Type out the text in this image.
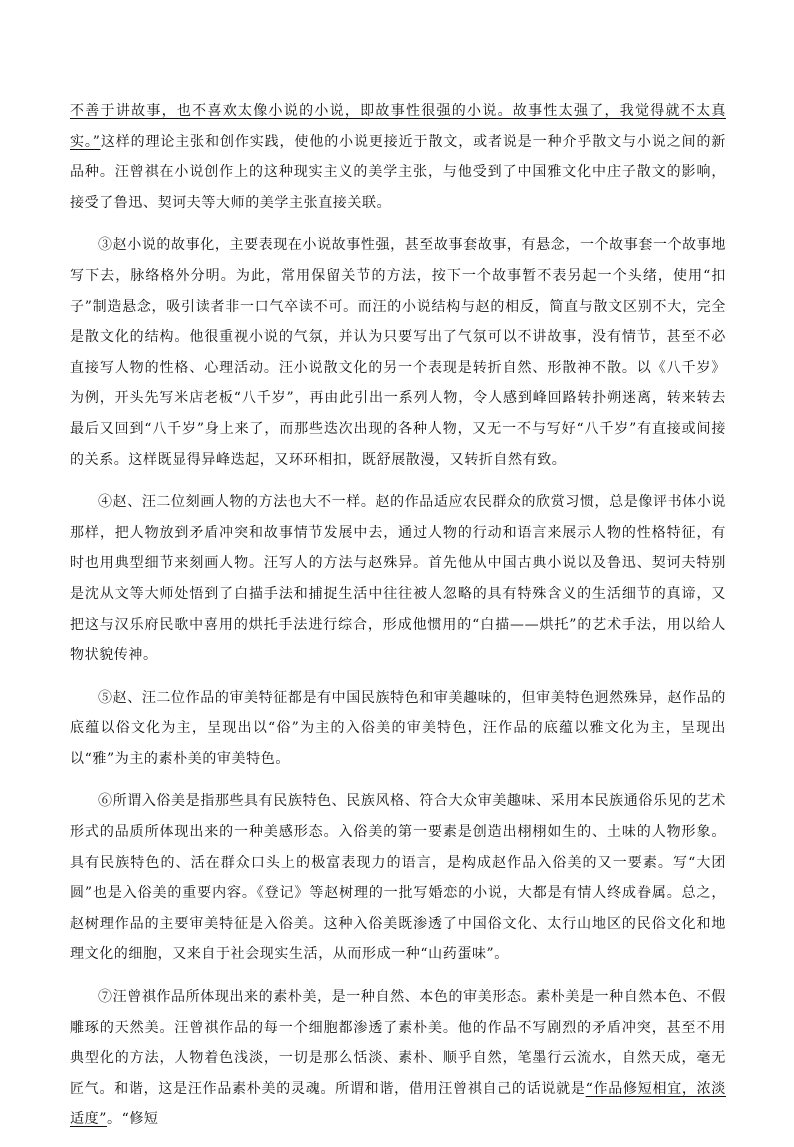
不善于讲故事，也不喜欢太像小说的小说，即故事性很强的小说。故事性太强了，我觉得就不太真实。”这样的理论主张和创作实践，使他的小说更接近于散文，或者说是一种介乎散文与小说之间的新品种。汪曾祺在小说创作上的这种现实主义的美学主张，与他受到了中国雅文化中庄子散文的影响，接受了鲁迅、契诃夫等大师的美学主张直接关联。

③赵小说的故事化，主要表现在小说故事性强，甚至故事套故事，有悬念，一个故事套一个故事地写下去，脉络格外分明。为此，常用保留关节的方法，按下一个故事暂不表另起一个头绪，使用“扣子”制造悬念，吸引读者非一口气卒读不可。而汪的小说结构与赵的相反，简直与散文区别不大，完全是散文化的结构。他很重视小说的气氛，并认为只要写出了气氛可以不讲故事，没有情节，甚至不必直接写人物的性格、心理活动。汪小说散文化的另一个表现是转折自然、形散神不散。以《八千岁》为例，开头先写米店老板“八千岁”，再由此引出一系列人物，令人感到峰回路转扑朔迷离，转来转去最后又回到“八千岁”身上来了，而那些迭次出现的各种人物，又无一不与写好“八千岁”有直接或间接的关系。这样既显得异峰迭起，又环环相扣，既舒展散漫，又转折自然有致。

④赵、汪二位刻画人物的方法也大不一样。赵的作品适应农民群众的欣赏习惯，总是像评书体小说那样，把人物放到矛盾冲突和故事情节发展中去，通过人物的行动和语言来展示人物的性格特征，有时也用典型细节来刻画人物。汪写人的方法与赵殊异。首先他从中国古典小说以及鲁迅、契诃夫特别是沈从文等大师处悟到了白描手法和捕捉生活中往往被人忽略的具有特殊含义的生活细节的真谛，又把这与汉乐府民歌中喜用的烘托手法进行综合，形成他惯用的“白描——烘托”的艺术手法，用以给人物状貌传神。

⑤赵、汪二位作品的审美特征都是有中国民族特色和审美趣味的，但审美特色迥然殊异，赵作品的底蕴以俗文化为主，呈现出以“俗”为主的入俗美的审美特色，汪作品的底蕴以雅文化为主，呈现出以“雅”为主的素朴美的审美特色。

⑥所谓入俗美是指那些具有民族特色、民族风格、符合大众审美趣味、采用本民族通俗乐见的艺术形式的品质所体现出来的一种美感形态。入俗美的第一要素是创造出栩栩如生的、土味的人物形象。具有民族特色的、活在群众口头上的极富表现力的语言，是构成赵作品入俗美的又一要素。写“大团圆”也是入俗美的重要内容。《登记》等赵树理的一批写婚恋的小说，大都是有情人终成眷属。总之，赵树理作品的主要审美特征是入俗美。这种入俗美既渗透了中国俗文化、太行山地区的民俗文化和地理文化的细胞，又来自于社会现实生活，从而形成一种“山药蛋味”。

⑦汪曾祺作品所体现出来的素朴美，是一种自然、本色的审美形态。素朴美是一种自然本色、不假雕琢的天然美。汪曾祺作品的每一个细胞都渗透了素朴美。他的作品不写剧烈的矛盾冲突，甚至不用典型化的方法，人物着色浅淡，一切是那么恬淡、素朴、顺乎自然，笔墨行云流水，自然天成，毫无匠气。和谐，这是汪作品素朴美的灵魂。所谓和谐，借用汪曾祺自己的话说就是“作品修短相宜，浓淡适度”。“修短
